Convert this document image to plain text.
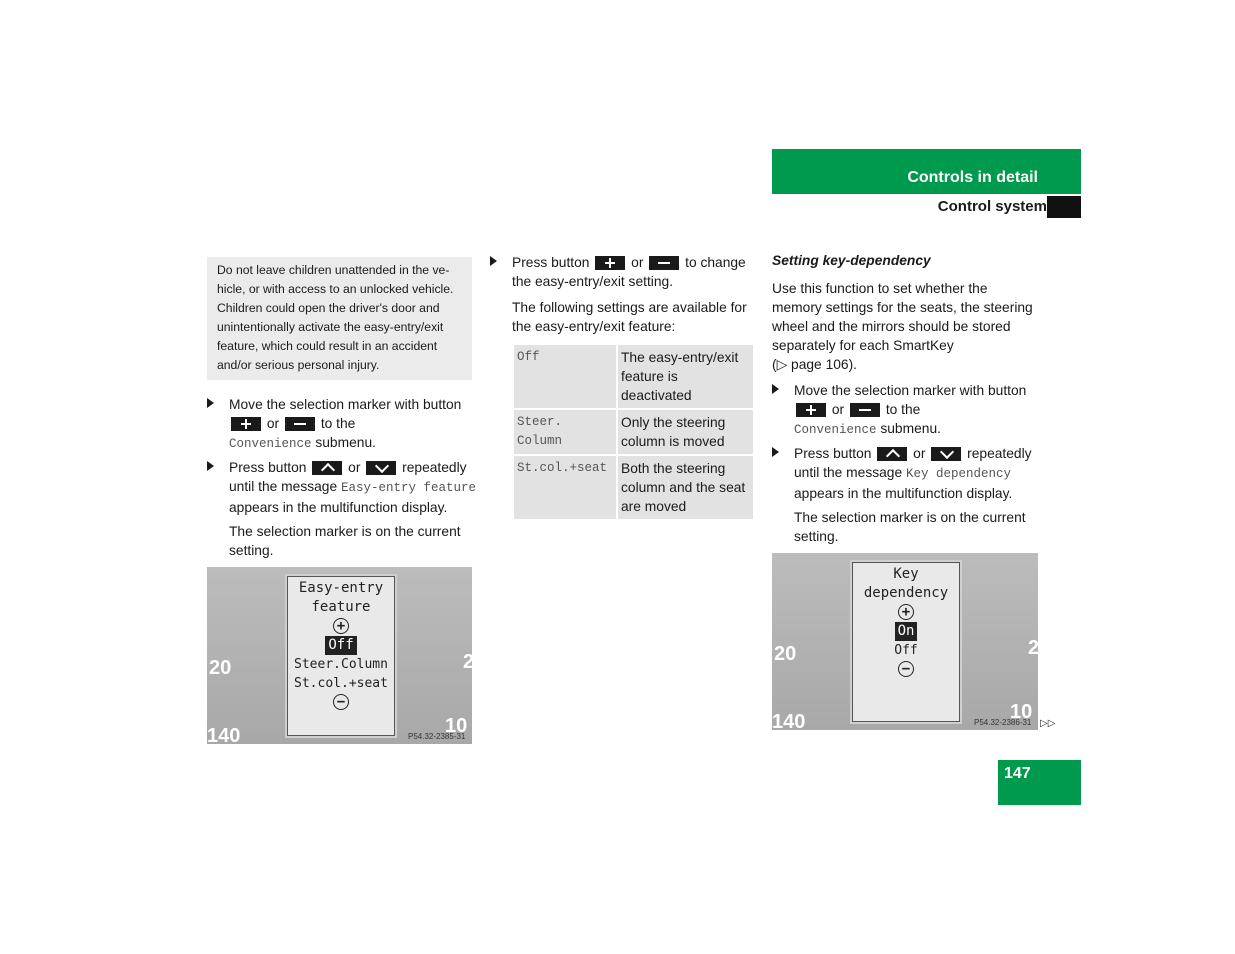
Controls in detail
Control system
Do not leave children unattended in the ve-hicle, or with access to an unlocked vehicle. Children could open the driver's door and unintentionally activate the easy-entry/exit feature, which could result in an accident and/or serious personal injury.
Move the selection marker with button  or	to the
Convenience submenu.
Press button	or	repeatedly until the message Easy-entry feature appears in the multifunction display.
The selection marker is on the current setting.
20
140
2
10
Easy-entry
feature
+
Off
Steer.Column
St.col.+seat
−
P54.32-2385-31
Press button	or	to change the easy-entry/exit setting.
The following settings are available for the easy-entry/exit feature:
Off	The easy-entry/exit feature is deactivated
Steer. Column	Only the steering column is moved
St.col.+seat	Both the steering column and the seat are moved
Setting key-dependency
Use this function to set whether the memory settings for the seats, the steering wheel and the mirrors should be stored separately for each SmartKey
(▷ page 106).
Move the selection marker with button  or	to the
Convenience submenu.
Press button	or	repeatedly until the message Key dependency appears in the multifunction display.
The selection marker is on the current setting.
20
140
2
10
Key
dependency
+
On
Off
−
P54.32-2386-31 ▷▷
147
